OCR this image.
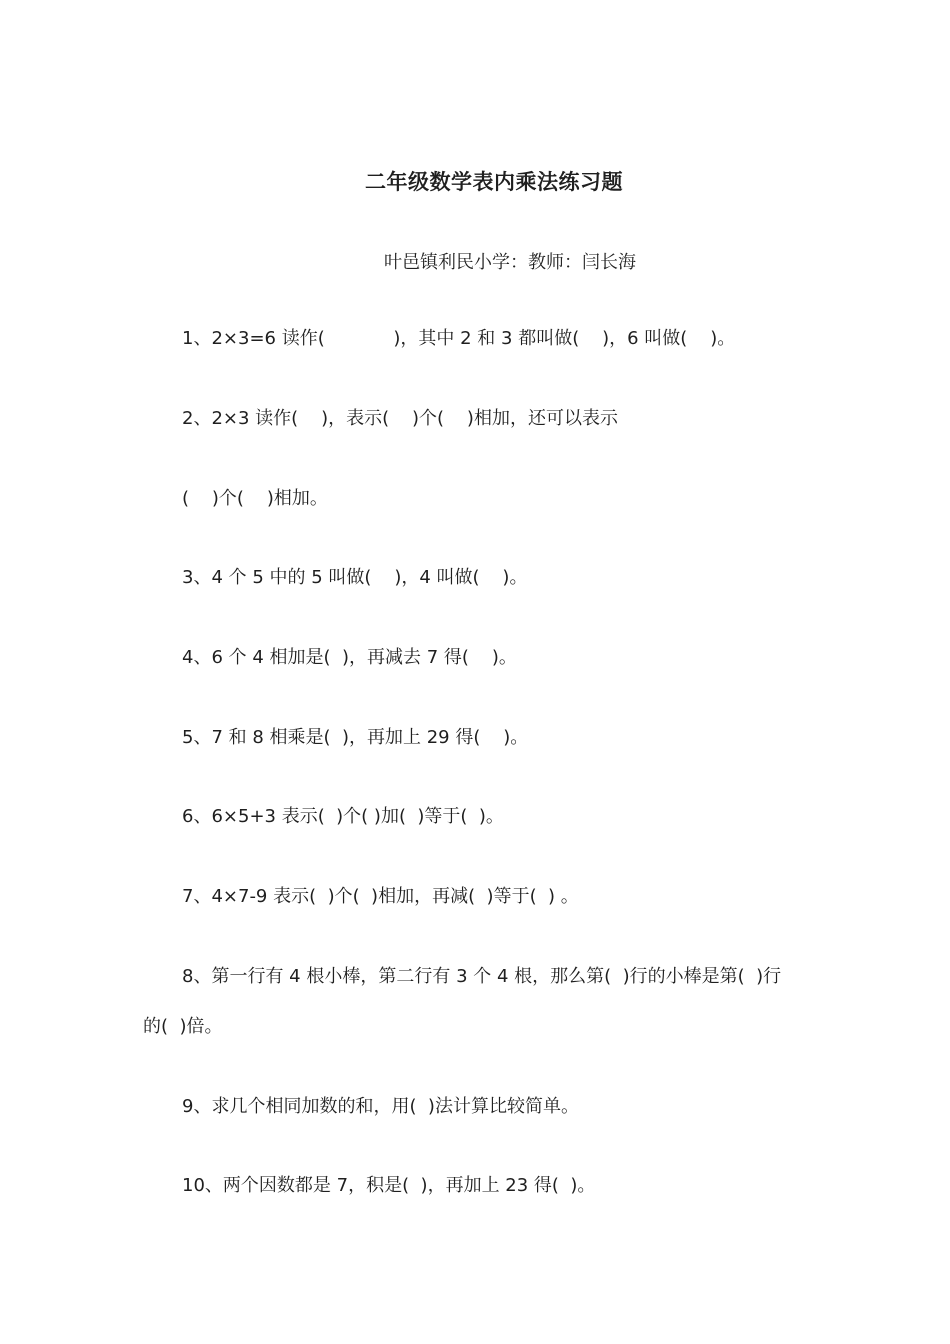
二年级数学表内乘法练习题
叶邑镇利民小学：教师：闫长海
1、2×3=6 读作(            )，其中 2 和 3 都叫做(    )，6 叫做(    )。
2、2×3 读作(    )，表示(    )个(    )相加，还可以表示
(    )个(    )相加。
3、4 个 5 中的 5 叫做(    )，4 叫做(    )。
4、6 个 4 相加是(  )，再减去 7 得(    )。
5、7 和 8 相乘是(  )，再加上 29 得(    )。
6、6×5+3 表示(  )个( )加(  )等于(  )。
7、4×7-9 表示(  )个(  )相加，再减(  )等于(  ) 。
8、第一行有 4 根小棒，第二行有 3 个 4 根，那么第(  )行的小棒是第(  )行
的(  )倍。
9、求几个相同加数的和，用(  )法计算比较简单。
10、两个因数都是 7，积是(  )，再加上 23 得(  )。
